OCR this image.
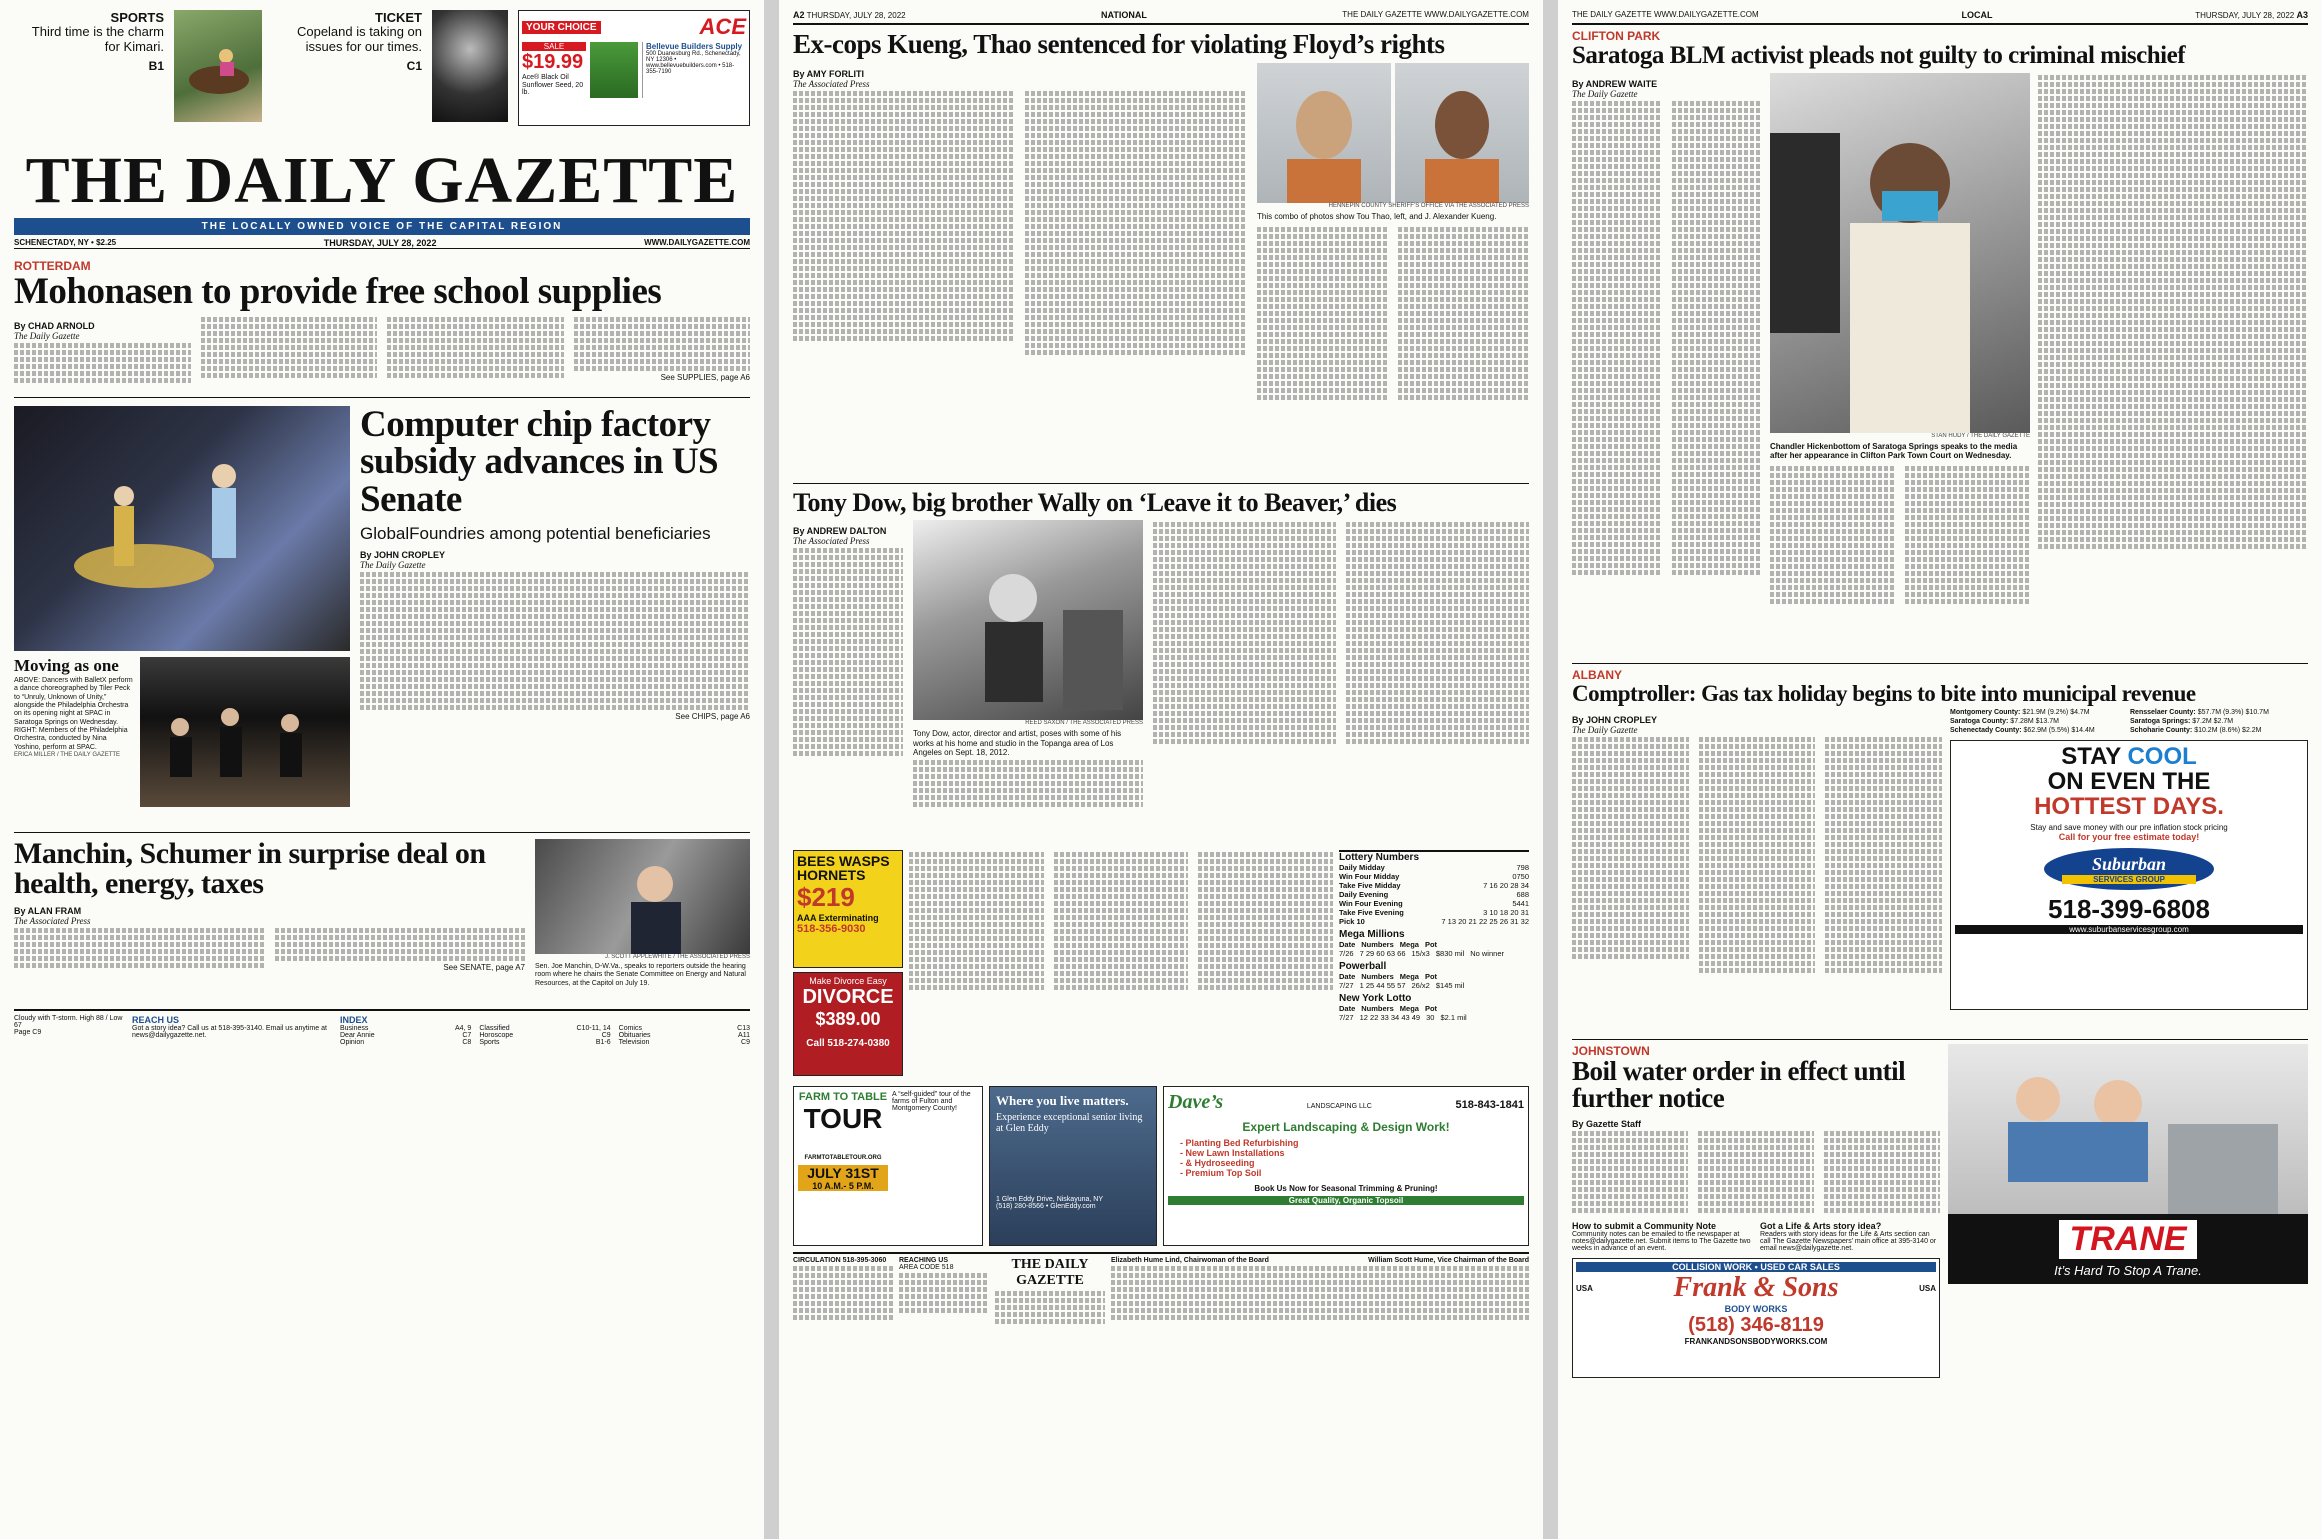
SPORTS
Third time is the charm for Kimari.
B1
TICKET
Copeland is taking on issues for our times.
C1
YOUR CHOICE	ACE
SALE
$19.99
Ace® Black Oil Sunflower Seed, 20 lb.
Bellevue Builders Supply
500 Duanesburg Rd., Schenectady, NY 12306 • www.bellevuebuilders.com • 518-355-7190
THE DAILY GAZETTE
THE LOCALLY OWNED VOICE OF THE CAPITAL REGION
SCHENECTADY, NY • $2.25	THURSDAY, JULY 28, 2022	WWW.DAILYGAZETTE.COM
ROTTERDAM
Mohonasen to provide free school supplies
By CHAD ARNOLD
The Daily Gazette
See SUPPLIES, page A6
Moving as one
ABOVE: Dancers with BalletX perform a dance choreographed by Tiler Peck to “Unruly, Unknown of Unity,” alongside the Philadelphia Orchestra on its opening night at SPAC in Saratoga Springs on Wednesday. RIGHT: Members of the Philadelphia Orchestra, conducted by Nina Yoshino, perform at SPAC.
ERICA MILLER / THE DAILY GAZETTE
Computer chip factory subsidy advances in US Senate
GlobalFoundries among potential beneficiaries
By JOHN CROPLEY
The Daily Gazette
See CHIPS, page A6
Manchin, Schumer in surprise deal on health, energy, taxes
By ALAN FRAM
The Associated Press
See SENATE, page A7
J. SCOTT APPLEWHITE / THE ASSOCIATED PRESS
Sen. Joe Manchin, D-W.Va., speaks to reporters outside the hearing room where he chairs the Senate Committee on Energy and Natural Resources, at the Capitol on July 19.
Cloudy with T-storm. High 88 / Low 67
Page C9
REACH US
Got a story idea? Call us at 518-395-3140. Email us anytime at news@dailygazette.net.
INDEX
Business	A4, 9 Classified	C10-11, 14 Comics	C13
Dear Annie	C7 Horoscope	C9 Obituaries	A11
Opinion	C8 Sports	B1-6 Television	C9
A2 THURSDAY, JULY 28, 2022	NATIONAL	THE DAILY GAZETTE WWW.DAILYGAZETTE.COM
Ex-cops Kueng, Thao sentenced for violating Floyd’s rights
By AMY FORLITI
The Associated Press
HENNEPIN COUNTY SHERIFF’S OFFICE VIA THE ASSOCIATED PRESS
This combo of photos show Tou Thao, left, and J. Alexander Kueng.
Tony Dow, big brother Wally on ‘Leave it to Beaver,’ dies
By ANDREW DALTON
The Associated Press
REED SAXON / THE ASSOCIATED PRESS
Tony Dow, actor, director and artist, poses with some of his works at his home and studio in the Topanga area of Los Angeles on Sept. 18, 2012.
BEES WASPS HORNETS
$219
AAA Exterminating
518-356-9030
Make Divorce Easy
DIVORCE
$389.00
Call 518-274-0380
Lottery Numbers
Daily Midday	798
Win Four Midday	0750
Take Five Midday	7 16 20 28 34
Daily Evening	688
Win Four Evening	5441
Take Five Evening	3 10 18 20 31
Pick 10	7 13 20 21 22 25 26 31 32
Mega Millions
Date Numbers Mega Pot
7/26 7 29 60 63 66 15/x3 $830 mil No winner
Powerball
Date Numbers Mega Pot
7/27 1 25 44 55 57 26/x2 $145 mil
New York Lotto
Date Numbers Mega Pot
7/27 12 22 33 34 43 49 30 $2.1 mil
FARM TO TABLE
TOUR
FARMTOTABLETOUR.ORG
JULY 31ST
10 A.M.- 5 P.M.
A “self-guided” tour of the farms of Fulton and Montgomery County!
Where you live matters.
Experience exceptional senior living at Glen Eddy
1 Glen Eddy Drive, Niskayuna, NY
(518) 280-8566 • GlenEddy.com
Dave’s	LANDSCAPING LLC	518-843-1841
Expert Landscaping & Design Work!
- Planting Bed Refurbishing
- New Lawn Installations
- & Hydroseeding
- Premium Top Soil
Book Us Now for Seasonal Trimming & Pruning!
Great Quality, Organic Topsoil
CIRCULATION 518-395-3060	REACHING US
AREA CODE 518	THE DAILY GAZETTE
Elizabeth Hume Lind, Chairwoman of the Board	William Scott Hume, Vice Chairman of the Board
THE DAILY GAZETTE WWW.DAILYGAZETTE.COM	LOCAL	THURSDAY, JULY 28, 2022 A3
CLIFTON PARK
Saratoga BLM activist pleads not guilty to criminal mischief
By ANDREW WAITE
The Daily Gazette
STAN HUDY / THE DAILY GAZETTE
Chandler Hickenbottom of Saratoga Springs speaks to the media after her appearance in Clifton Park Town Court on Wednesday.
ALBANY
Comptroller: Gas tax holiday begins to bite into municipal revenue
By JOHN CROPLEY
The Daily Gazette
Montgomery County: $21.9M (9.2%) $4.7M	Rensselaer County: $57.7M (9.3%) $10.7M
Saratoga County: $7.28M $13.7M	Saratoga Springs: $7.2M $2.7M
Schenectady County: $62.9M (5.5%) $14.4M	Schoharie County: $10.2M (8.6%) $2.2M
STAY COOL
ON EVEN THE
HOTTEST DAYS.
Stay and save money with our pre inflation stock pricing
Call for your free estimate today!
Suburban
SERVICES GROUP
518-399-6808
www.suburbanservicesgroup.com
JOHNSTOWN
Boil water order in effect until further notice
By Gazette Staff
How to submit a Community Note
Community notes can be emailed to the newspaper at notes@dailygazette.net. Submit items to The Gazette two weeks in advance of an event.
Got a Life & Arts story idea?
Readers with story ideas for the Life & Arts section can call The Gazette Newspapers’ main office at 395-3140 or email news@dailygazette.net.
COLLISION WORK • USED CAR SALES
USA	Frank & Sons	USA
BODY WORKS
(518) 346-8119
FRANKANDSONSBODYWORKS.COM
TRANE
It’s Hard To Stop A Trane.
